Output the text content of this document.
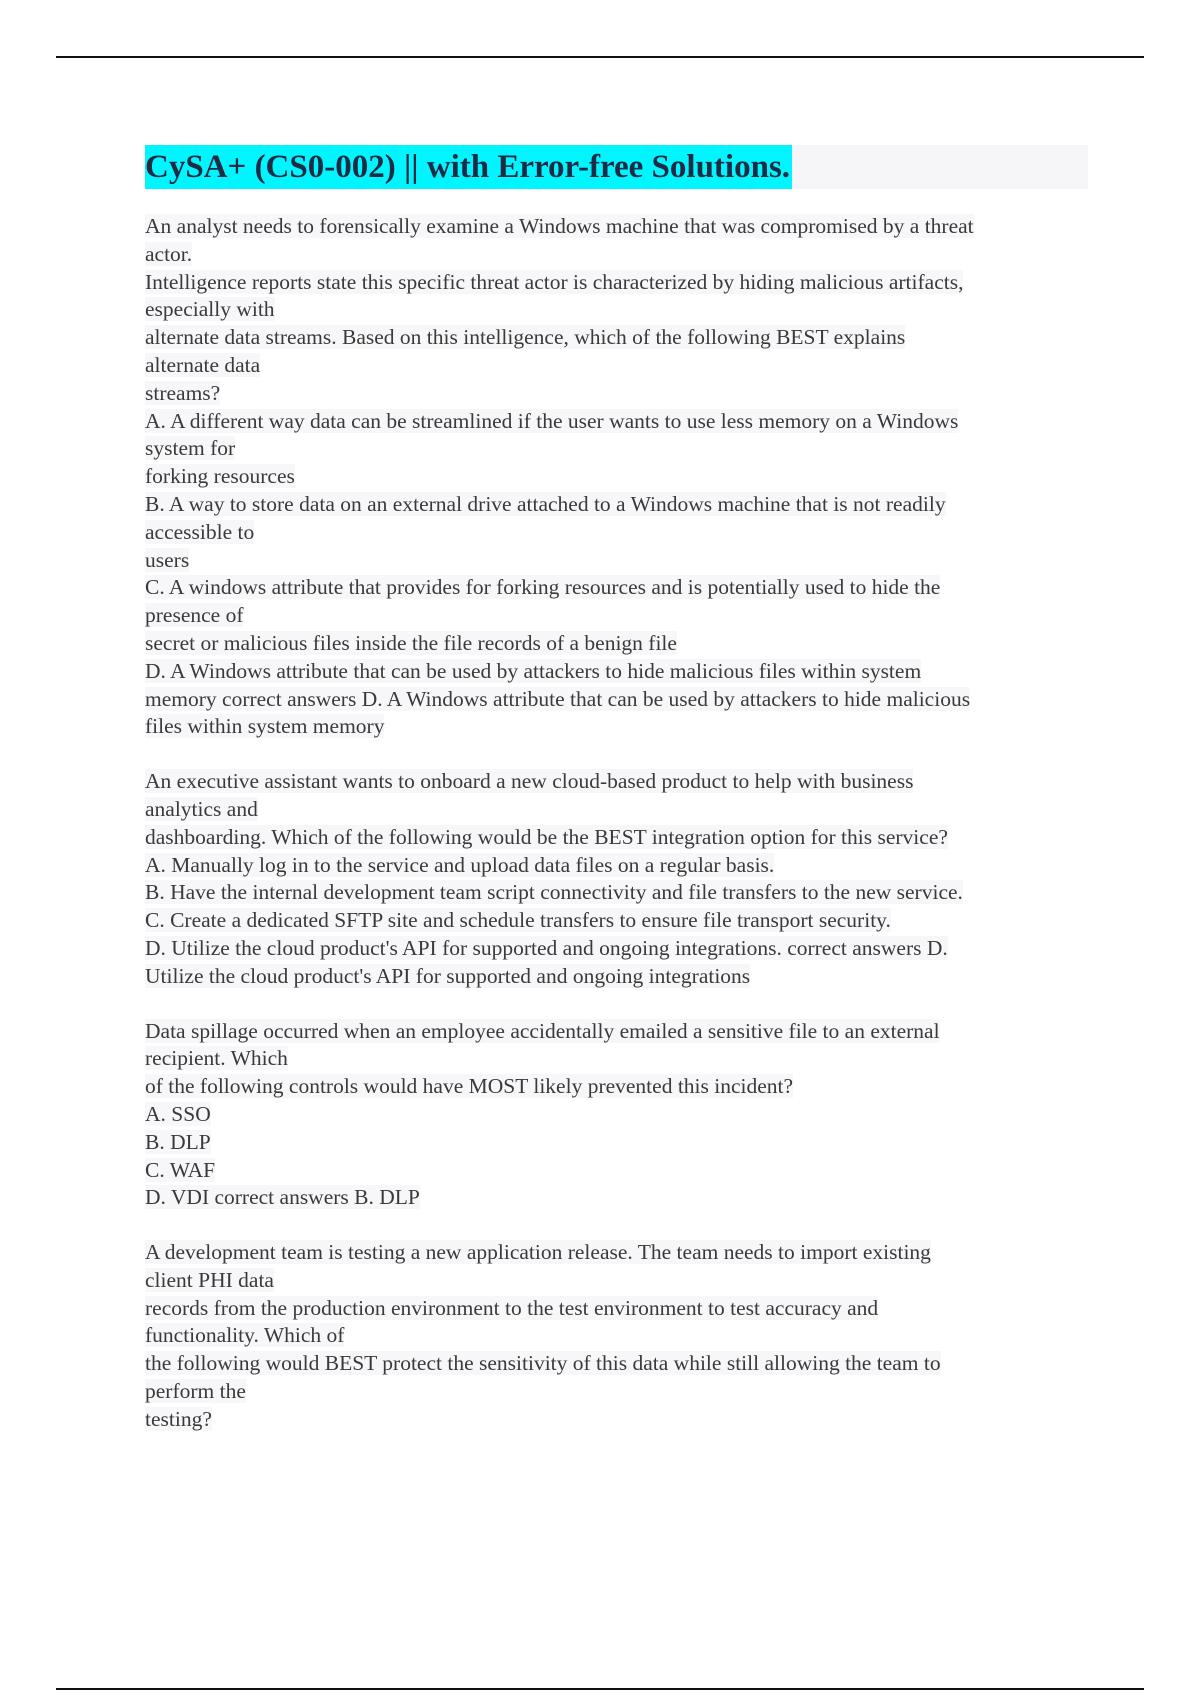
CySA+ (CS0-002) || with Error-free Solutions.
An analyst needs to forensically examine a Windows machine that was compromised by a threat
actor.
Intelligence reports state this specific threat actor is characterized by hiding malicious artifacts,
especially with
alternate data streams. Based on this intelligence, which of the following BEST explains
alternate data
streams?
A. A different way data can be streamlined if the user wants to use less memory on a Windows
system for
forking resources
B. A way to store data on an external drive attached to a Windows machine that is not readily
accessible to
users
C. A windows attribute that provides for forking resources and is potentially used to hide the
presence of
secret or malicious files inside the file records of a benign file
D. A Windows attribute that can be used by attackers to hide malicious files within system
memory correct answers D. A Windows attribute that can be used by attackers to hide malicious
files within system memory
An executive assistant wants to onboard a new cloud-based product to help with business
analytics and
dashboarding. Which of the following would be the BEST integration option for this service?
A. Manually log in to the service and upload data files on a regular basis.
B. Have the internal development team script connectivity and file transfers to the new service.
C. Create a dedicated SFTP site and schedule transfers to ensure file transport security.
D. Utilize the cloud product's API for supported and ongoing integrations. correct answers D.
Utilize the cloud product's API for supported and ongoing integrations
Data spillage occurred when an employee accidentally emailed a sensitive file to an external
recipient. Which
of the following controls would have MOST likely prevented this incident?
A. SSO
B. DLP
C. WAF
D. VDI correct answers B. DLP
A development team is testing a new application release. The team needs to import existing
client PHI data
records from the production environment to the test environment to test accuracy and
functionality. Which of
the following would BEST protect the sensitivity of this data while still allowing the team to
perform the
testing?
